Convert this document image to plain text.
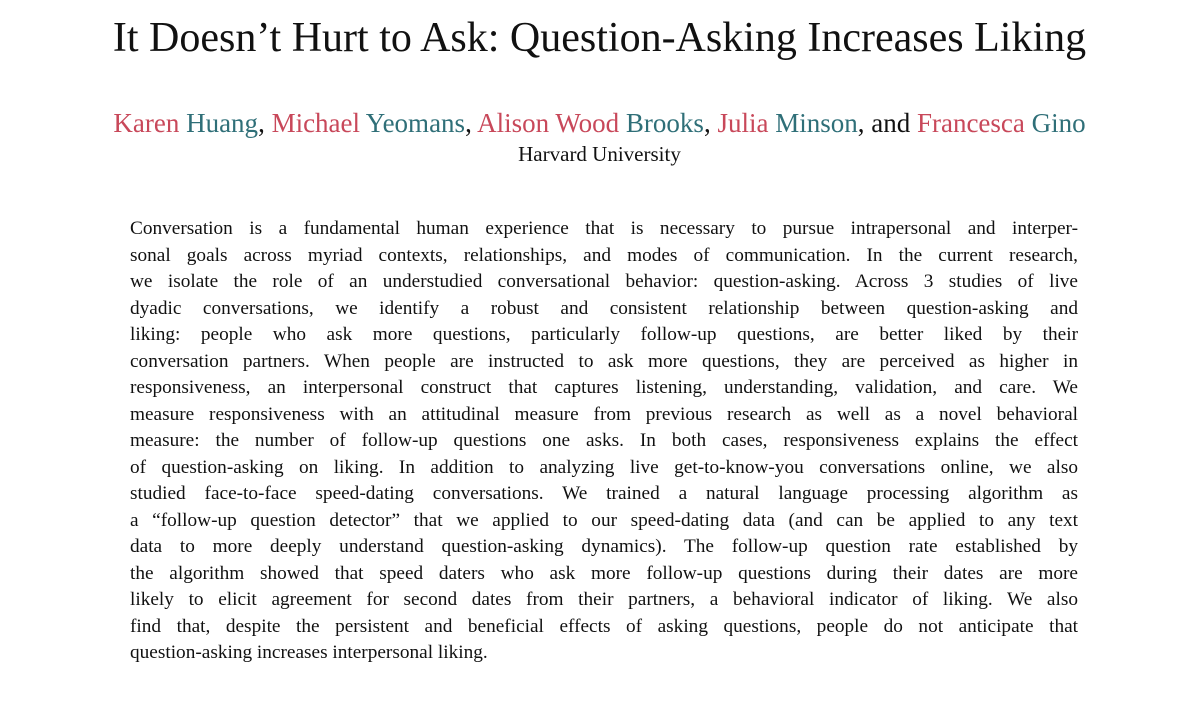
It Doesn’t Hurt to Ask: Question-Asking Increases Liking
Karen Huang, Michael Yeomans, Alison Wood Brooks, Julia Minson, and Francesca Gino
Harvard University
Conversation is a fundamental human experience that is necessary to pursue intrapersonal and interper-
sonal goals across myriad contexts, relationships, and modes of communication. In the current research,
we isolate the role of an understudied conversational behavior: question-asking. Across 3 studies of live
dyadic conversations, we identify a robust and consistent relationship between question-asking and
liking: people who ask more questions, particularly follow-up questions, are better liked by their
conversation partners. When people are instructed to ask more questions, they are perceived as higher in
responsiveness, an interpersonal construct that captures listening, understanding, validation, and care. We
measure responsiveness with an attitudinal measure from previous research as well as a novel behavioral
measure: the number of follow-up questions one asks. In both cases, responsiveness explains the effect
of question-asking on liking. In addition to analyzing live get-to-know-you conversations online, we also
studied face-to-face speed-dating conversations. We trained a natural language processing algorithm as
a “follow-up question detector” that we applied to our speed-dating data (and can be applied to any text
data to more deeply understand question-asking dynamics). The follow-up question rate established by
the algorithm showed that speed daters who ask more follow-up questions during their dates are more
likely to elicit agreement for second dates from their partners, a behavioral indicator of liking. We also
find that, despite the persistent and beneficial effects of asking questions, people do not anticipate that
question-asking increases interpersonal liking.
